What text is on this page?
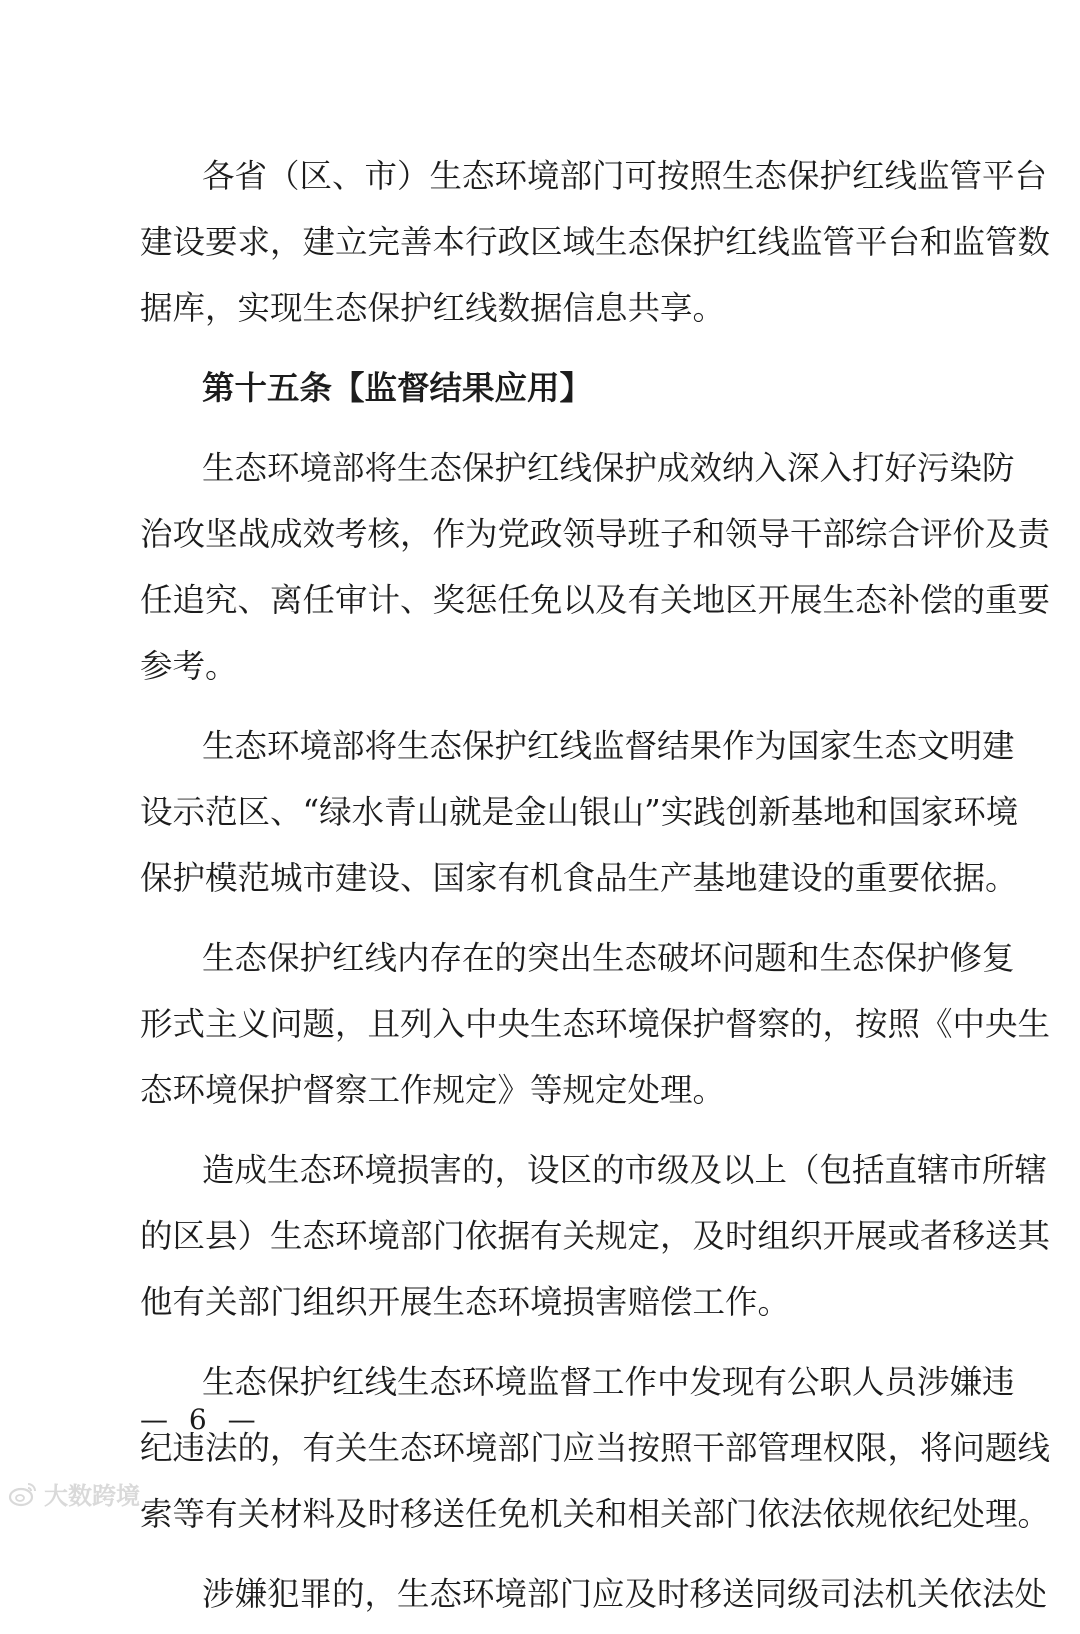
各省（区、市）生态环境部门可按照生态保护红线监管平台
建设要求，建立完善本行政区域生态保护红线监管平台和监管数
据库，实现生态保护红线数据信息共享。
第十五条【监督结果应用】
生态环境部将生态保护红线保护成效纳入深入打好污染防
治攻坚战成效考核，作为党政领导班子和领导干部综合评价及责
任追究、离任审计、奖惩任免以及有关地区开展生态补偿的重要
参考。
生态环境部将生态保护红线监督结果作为国家生态文明建
设示范区、“绿水青山就是金山银山”实践创新基地和国家环境
保护模范城市建设、国家有机食品生产基地建设的重要依据。
生态保护红线内存在的突出生态破坏问题和生态保护修复
形式主义问题，且列入中央生态环境保护督察的，按照《中央生
态环境保护督察工作规定》等规定处理。
造成生态环境损害的，设区的市级及以上（包括直辖市所辖
的区县）生态环境部门依据有关规定，及时组织开展或者移送其
他有关部门组织开展生态环境损害赔偿工作。
生态保护红线生态环境监督工作中发现有公职人员涉嫌违
纪违法的，有关生态环境部门应当按照干部管理权限，将问题线
索等有关材料及时移送任免机关和相关部门依法依规依纪处理。
涉嫌犯罪的，生态环境部门应及时移送同级司法机关依法处
— 6 —
大数跨境
